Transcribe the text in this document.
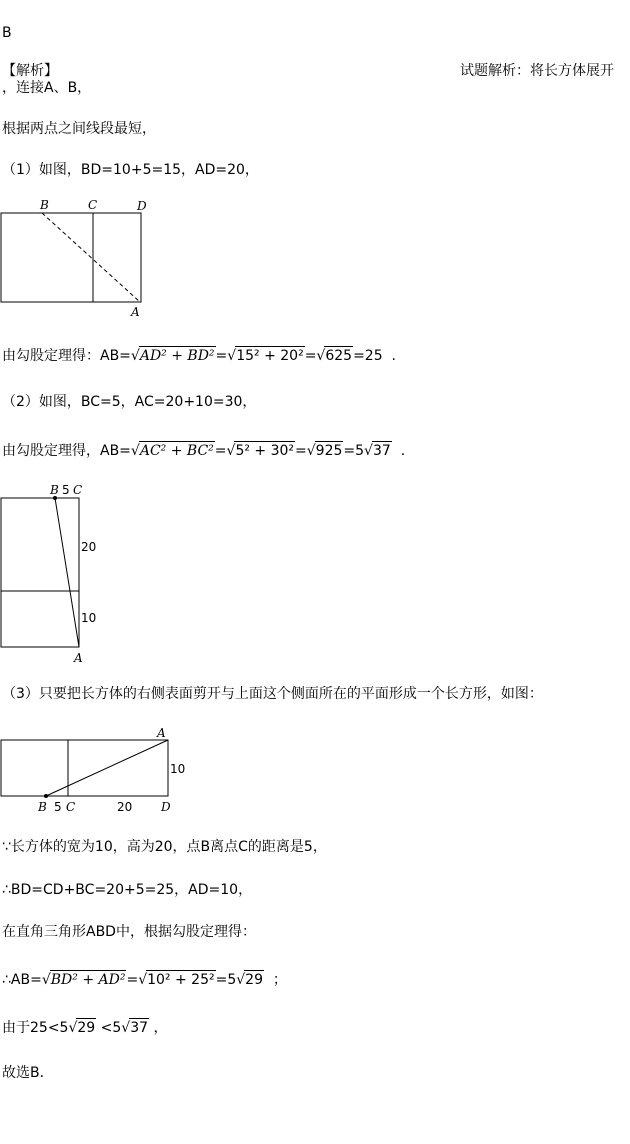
B
【解析】	试题解析：将长方体展开
，连接A、B，
根据两点之间线段最短，
（1）如图，BD=10+5=15，AD=20，
B	C	D
A
由勾股定理得：AB=√AD² + BD²=√15² + 20²=√625=25 .
（2）如图，BC=5，AC=20+10=30，
由勾股定理得，AB=√AC² + BC²=√5² + 30²=√925=5√37 .
B 5 C
20
10
A
（3）只要把长方体的右侧表面剪开与上面这个侧面所在的平面形成一个长方形，如图：
A
10
B 5 C	20 D
∵长方体的宽为10，高为20，点B离点C的距离是5，
∴BD=CD+BC=20+5=25，AD=10，
在直角三角形ABD中，根据勾股定理得：
∴AB=√BD² + AD²=√10² + 25²=5√29 ；
由于25<5√29 <5√37 ，
故选B．
